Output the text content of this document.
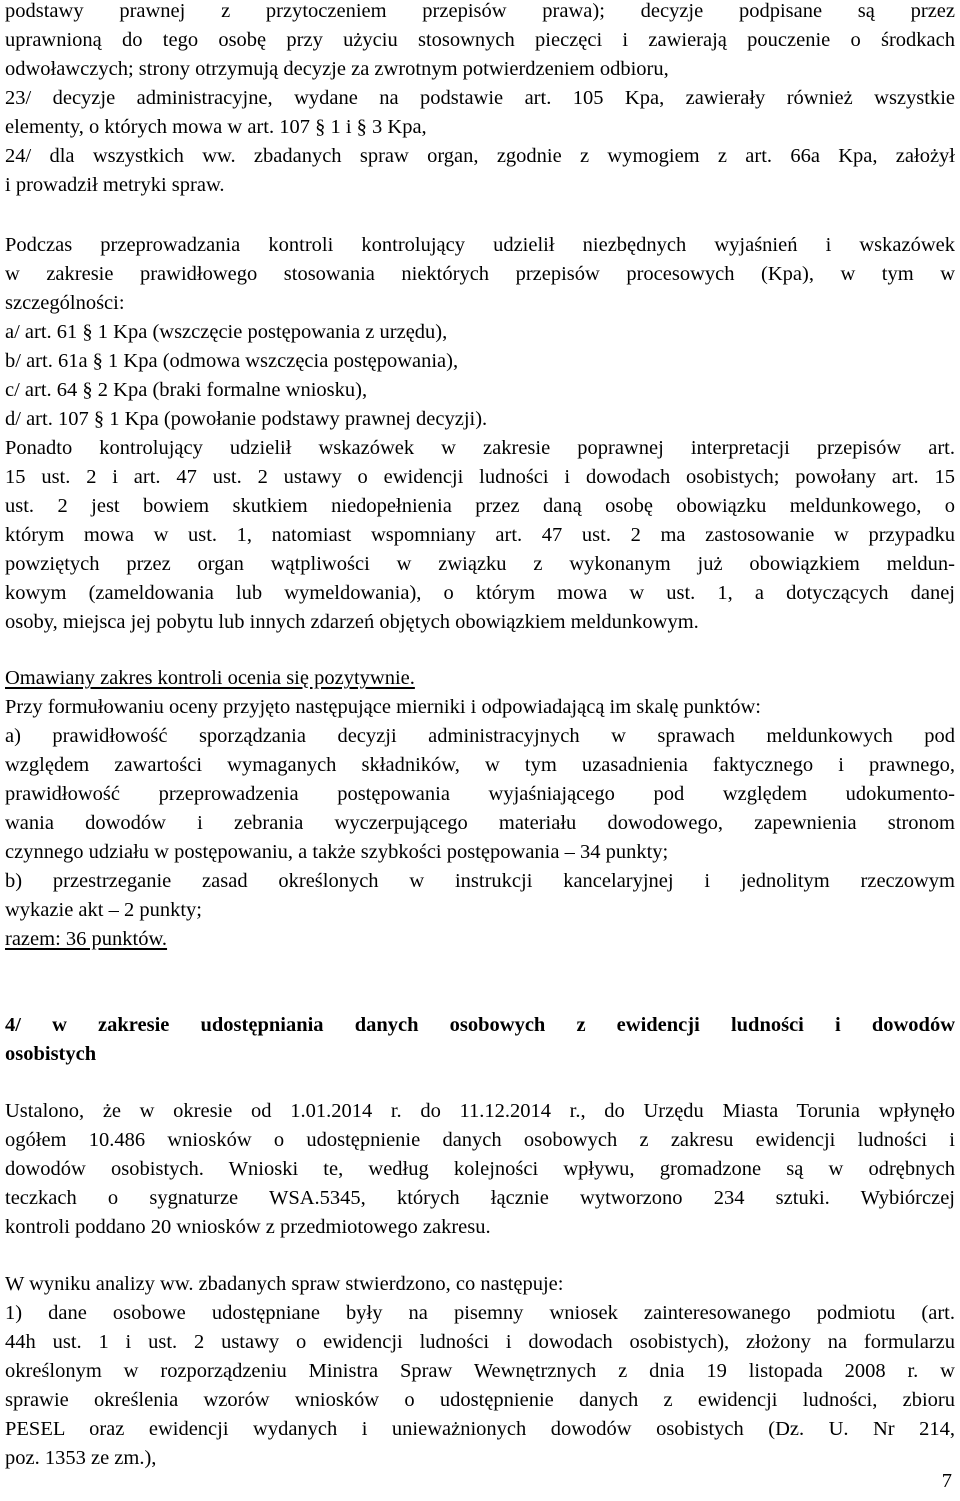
podstawy prawnej z przytoczeniem przepisów prawa); decyzje podpisane są przez
uprawnioną do tego osobę przy użyciu stosownych pieczęci i zawierają pouczenie o środkach
odwoławczych; strony otrzymują decyzje za zwrotnym potwierdzeniem odbioru,
23/ decyzje administracyjne, wydane na podstawie art. 105 Kpa, zawierały również wszystkie
elementy, o których mowa w art. 107 § 1 i § 3 Kpa,
24/ dla wszystkich ww. zbadanych spraw organ, zgodnie z wymogiem z art. 66a Kpa, założył
i prowadził metryki spraw.
Podczas przeprowadzania kontroli kontrolujący udzielił niezbędnych wyjaśnień i wskazówek
w zakresie prawidłowego stosowania niektórych przepisów procesowych (Kpa), w tym w
szczególności:
a/ art. 61 § 1 Kpa (wszczęcie postępowania z urzędu),
b/ art. 61a § 1 Kpa (odmowa wszczęcia postępowania),
c/ art. 64 § 2 Kpa (braki formalne wniosku),
d/ art. 107 § 1 Kpa (powołanie podstawy prawnej decyzji).
Ponadto kontrolujący udzielił wskazówek w zakresie poprawnej interpretacji przepisów art.
15 ust. 2 i art. 47 ust. 2 ustawy o ewidencji ludności i dowodach osobistych; powołany art. 15
ust. 2 jest bowiem skutkiem niedopełnienia przez daną osobę obowiązku meldunkowego, o
którym mowa w ust. 1, natomiast wspomniany art. 47 ust. 2 ma zastosowanie w przypadku
powziętych przez organ wątpliwości w związku z wykonanym już obowiązkiem meldun-
kowym (zameldowania lub wymeldowania), o którym mowa w ust. 1, a dotyczących danej
osoby, miejsca jej pobytu lub innych zdarzeń objętych obowiązkiem meldunkowym.
Omawiany zakres kontroli ocenia się pozytywnie.
Przy formułowaniu oceny przyjęto następujące mierniki i odpowiadającą im skalę punktów:
a) prawidłowość sporządzania decyzji administracyjnych w sprawach meldunkowych pod
względem zawartości wymaganych składników, w tym uzasadnienia faktycznego i prawnego,
prawidłowość przeprowadzenia postępowania wyjaśniającego pod względem udokumento-
wania dowodów i zebrania wyczerpującego materiału dowodowego, zapewnienia stronom
czynnego udziału w postępowaniu, a także szybkości postępowania – 34 punkty;
b) przestrzeganie zasad określonych w instrukcji kancelaryjnej i jednolitym rzeczowym
wykazie akt – 2 punkty;
razem: 36 punktów.
4/ w zakresie udostępniania danych osobowych z ewidencji ludności i dowodów
osobistych
Ustalono, że w okresie od 1.01.2014 r. do 11.12.2014 r., do Urzędu Miasta Torunia wpłynęło
ogółem 10.486 wniosków o udostępnienie danych osobowych z zakresu ewidencji ludności i
dowodów osobistych. Wnioski te, według kolejności wpływu, gromadzone są w odrębnych
teczkach o sygnaturze WSA.5345, których łącznie wytworzono 234 sztuki. Wybiórczej
kontroli poddano 20 wniosków z przedmiotowego zakresu.
W wyniku analizy ww. zbadanych spraw stwierdzono, co następuje:
1) dane osobowe udostępniane były na pisemny wniosek zainteresowanego podmiotu (art.
44h ust. 1 i ust. 2 ustawy o ewidencji ludności i dowodach osobistych), złożony na formularzu
określonym w rozporządzeniu Ministra Spraw Wewnętrznych z dnia 19 listopada 2008 r. w
sprawie określenia wzorów wniosków o udostępnienie danych z ewidencji ludności, zbioru
PESEL oraz ewidencji wydanych i unieważnionych dowodów osobistych (Dz. U. Nr 214,
poz. 1353 ze zm.),
7
